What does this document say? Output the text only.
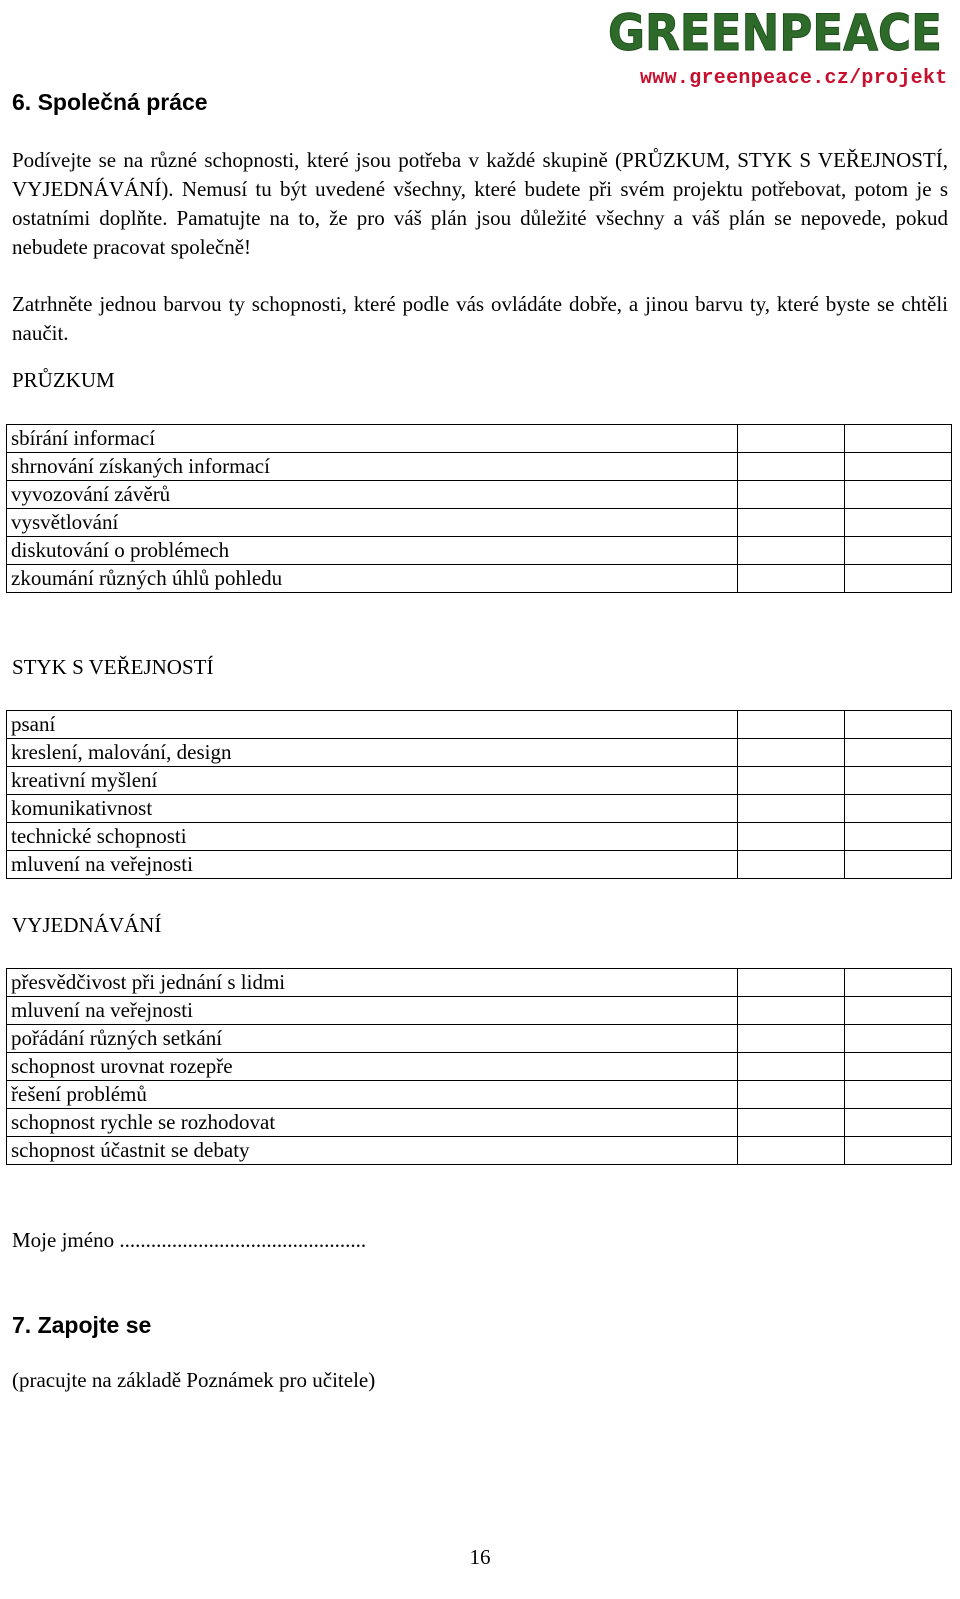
GREENPEACE
www.greenpeace.cz/projekt
6. Společná práce
Podívejte se na různé schopnosti, které jsou potřeba v každé skupině (PRŮZKUM, STYK S VEŘEJNOSTÍ, VYJEDNÁVÁNÍ). Nemusí tu být uvedené všechny, které budete při svém projektu potřebovat, potom je s ostatními doplňte. Pamatujte na to, že pro váš plán jsou důležité všechny a váš plán se nepovede, pokud nebudete pracovat společně!
Zatrhněte jednou barvou ty schopnosti, které podle vás ovládáte dobře, a jinou barvu ty, které byste se chtěli naučit.
PRŮZKUM
sbírání informací		
shrnování získaných informací		
vyvozování závěrů		
vysvětlování		
diskutování o problémech		
zkoumání různých úhlů pohledu		
STYK S VEŘEJNOSTÍ
psaní		
kreslení, malování, design		
kreativní myšlení		
komunikativnost		
technické schopnosti		
mluvení na veřejnosti		
VYJEDNÁVÁNÍ
přesvědčivost při jednání s lidmi		
mluvení na veřejnosti		
pořádání různých setkání		
schopnost urovnat rozepře		
řešení problémů		
schopnost rychle se rozhodovat		
schopnost účastnit se debaty		
Moje jméno ...............................................
7. Zapojte se
(pracujte na základě Poznámek pro učitele)
16
